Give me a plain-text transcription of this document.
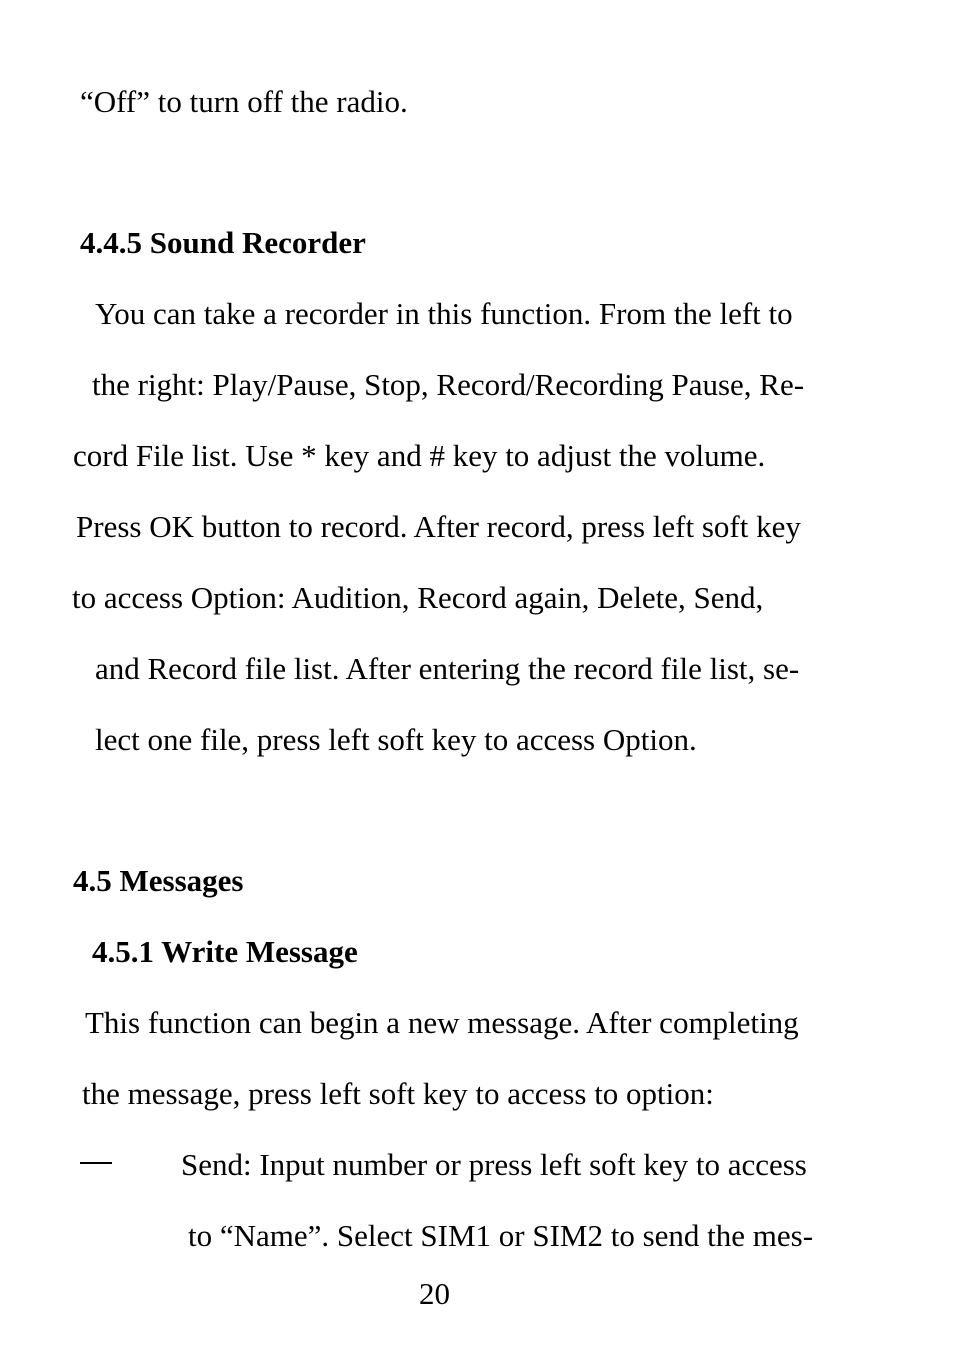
“Off” to turn off the radio.

4.4.5 Sound Recorder

You can take a recorder in this function. From the left to

the right: Play/Pause, Stop, Record/Recording Pause, Re-

cord File list. Use * key and # key to adjust the volume.

Press OK button to record. After record, press left soft key

to access Option: Audition, Record again, Delete, Send,

and Record file list. After entering the record file list, se-

lect one file, press left soft key to access Option.

4.5 Messages

4.5.1 Write Message

This function can begin a new message. After completing

the message, press left soft key to access to option:

Send: Input number or press left soft key to access

to “Name”. Select SIM1 or SIM2 to send the mes-

20
